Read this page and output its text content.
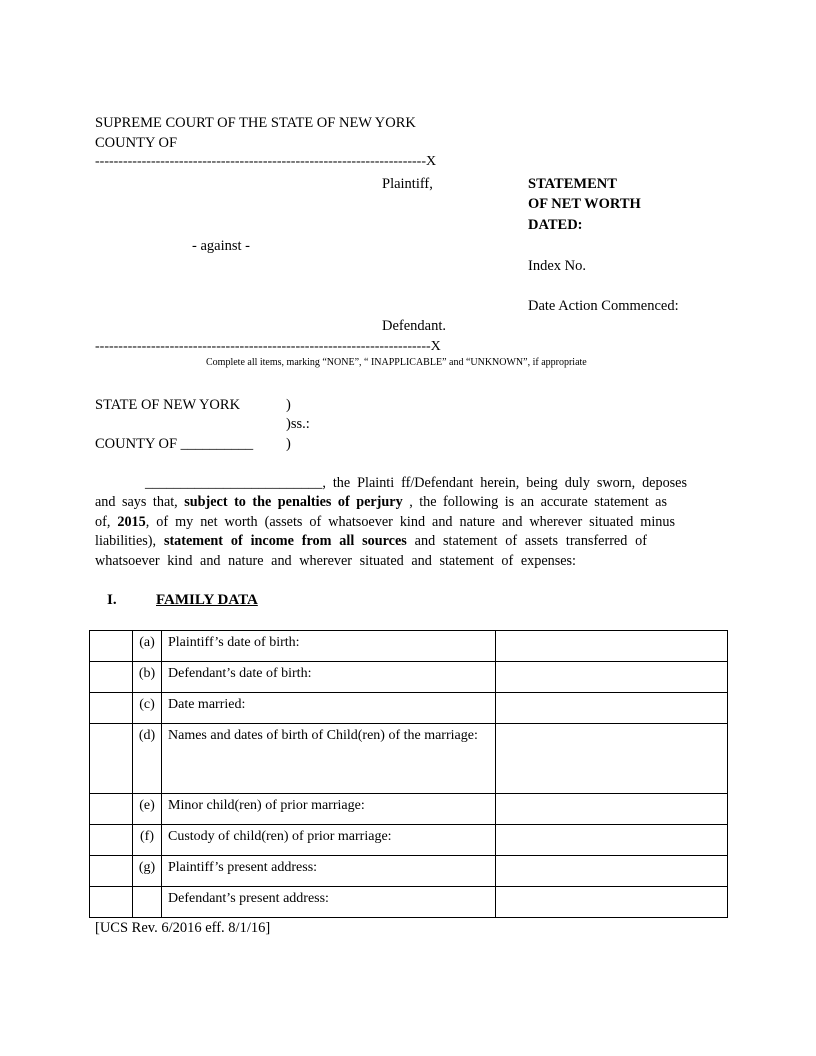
SUPREME COURT OF THE STATE OF NEW YORK
COUNTY OF
-----------------------------------------------------------------------X
Plaintiff,
- against -
Defendant.
STATEMENT
OF NET WORTH
DATED:
Index No.
Date Action Commenced:
------------------------------------------------------------------------X
Complete all items, marking “NONE”, “ INAPPLICABLE” and “UNKNOWN”, if appropriate
STATE OF NEW YORK	)
)ss.:
COUNTY OF __________ )
_________________________, the Plainti ff/Defendant herein, being duly sworn, deposes
and says that, subject to the penalties of perjury , the following is an accurate statement as
of, 2015, of my net worth (assets of whatsoever kind and nature and wherever situated minus
liabilities), statement of income from all sources and statement of assets transferred of
whatsoever kind and nature and wherever situated and statement of expenses:
I.	FAMILY DATA
	(a)	Plaintiff’s date of birth:	
	(b)	Defendant’s date of birth:	
	(c)	Date married:	
	(d)	Names and dates of birth of Child(ren) of the marriage:	
	(e)	Minor child(ren) of prior marriage:	
	(f)	Custody of child(ren) of prior marriage:	
	(g)	Plaintiff’s present address:	
		Defendant’s present address:	
[UCS Rev. 6/2016 eff. 8/1/16]
